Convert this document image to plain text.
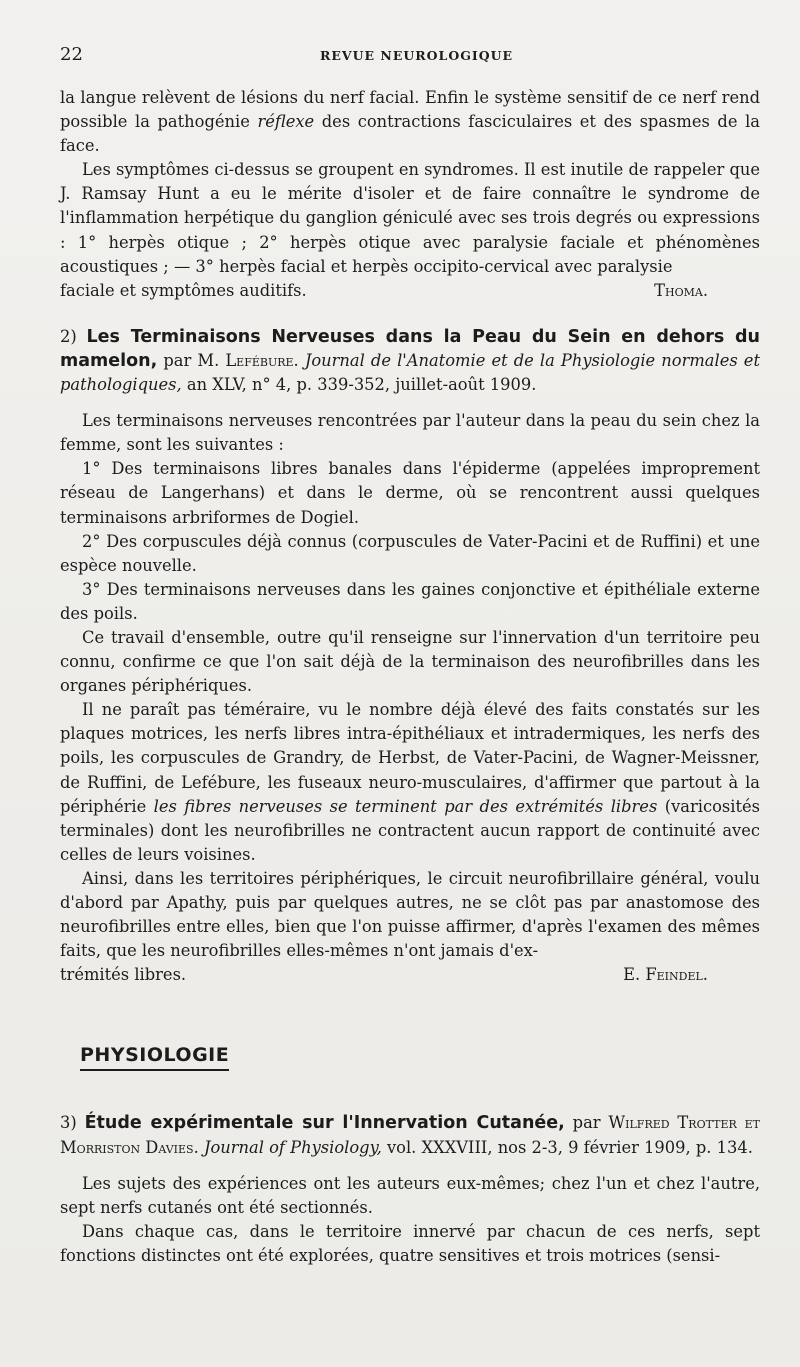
22	REVUE NEUROLOGIQUE

la langue relèvent de lésions du nerf facial. Enfin le système sensitif de ce nerf rend possible la pathogénie réflexe des contractions fasciculaires et des spasmes de la face.

Les symptômes ci-dessus se groupent en syndromes. Il est inutile de rappeler que J. Ramsay Hunt a eu le mérite d'isoler et de faire connaître le syndrome de l'inflammation herpétique du ganglion géniculé avec ses trois degrés ou expressions : 1° herpès otique ; 2° herpès otique avec paralysie faciale et phénomènes acoustiques ; — 3° herpès facial et herpès occipito-cervical avec paralysie

faciale et symptômes auditifs.	Thoma.

2) Les Terminaisons Nerveuses dans la Peau du Sein en dehors du mamelon, par M. Lefébure. Journal de l'Anatomie et de la Physiologie normales et pathologiques, an XLV, n° 4, p. 339-352, juillet-août 1909.

Les terminaisons nerveuses rencontrées par l'auteur dans la peau du sein chez la femme, sont les suivantes :

1° Des terminaisons libres banales dans l'épiderme (appelées improprement réseau de Langerhans) et dans le derme, où se rencontrent aussi quelques terminaisons arbriformes de Dogiel.

2° Des corpuscules déjà connus (corpuscules de Vater-Pacini et de Ruffini) et une espèce nouvelle.

3° Des terminaisons nerveuses dans les gaines conjonctive et épithéliale externe des poils.

Ce travail d'ensemble, outre qu'il renseigne sur l'innervation d'un territoire peu connu, confirme ce que l'on sait déjà de la terminaison des neurofibrilles dans les organes périphériques.

Il ne paraît pas téméraire, vu le nombre déjà élevé des faits constatés sur les plaques motrices, les nerfs libres intra-épithéliaux et intradermiques, les nerfs des poils, les corpuscules de Grandry, de Herbst, de Vater-Pacini, de Wagner-Meissner, de Ruffini, de Lefébure, les fuseaux neuro-musculaires, d'affirmer que partout à la périphérie les fibres nerveuses se terminent par des extrémités libres (varicosités terminales) dont les neurofibrilles ne contractent aucun rapport de continuité avec celles de leurs voisines.

Ainsi, dans les territoires périphériques, le circuit neurofibrillaire général, voulu d'abord par Apathy, puis par quelques autres, ne se clôt pas par anastomose des neurofibrilles entre elles, bien que l'on puisse affirmer, d'après l'examen des mêmes faits, que les neurofibrilles elles-mêmes n'ont jamais d'ex-

trémités libres.	E. Feindel.

PHYSIOLOGIE

3) Étude expérimentale sur l'Innervation Cutanée, par Wilfred Trotter et Morriston Davies. Journal of Physiology, vol. XXXVIII, nos 2-3, 9 février 1909, p. 134.

Les sujets des expériences ont les auteurs eux-mêmes; chez l'un et chez l'autre, sept nerfs cutanés ont été sectionnés.

Dans chaque cas, dans le territoire innervé par chacun de ces nerfs, sept fonctions distinctes ont été explorées, quatre sensitives et trois motrices (sensi-
